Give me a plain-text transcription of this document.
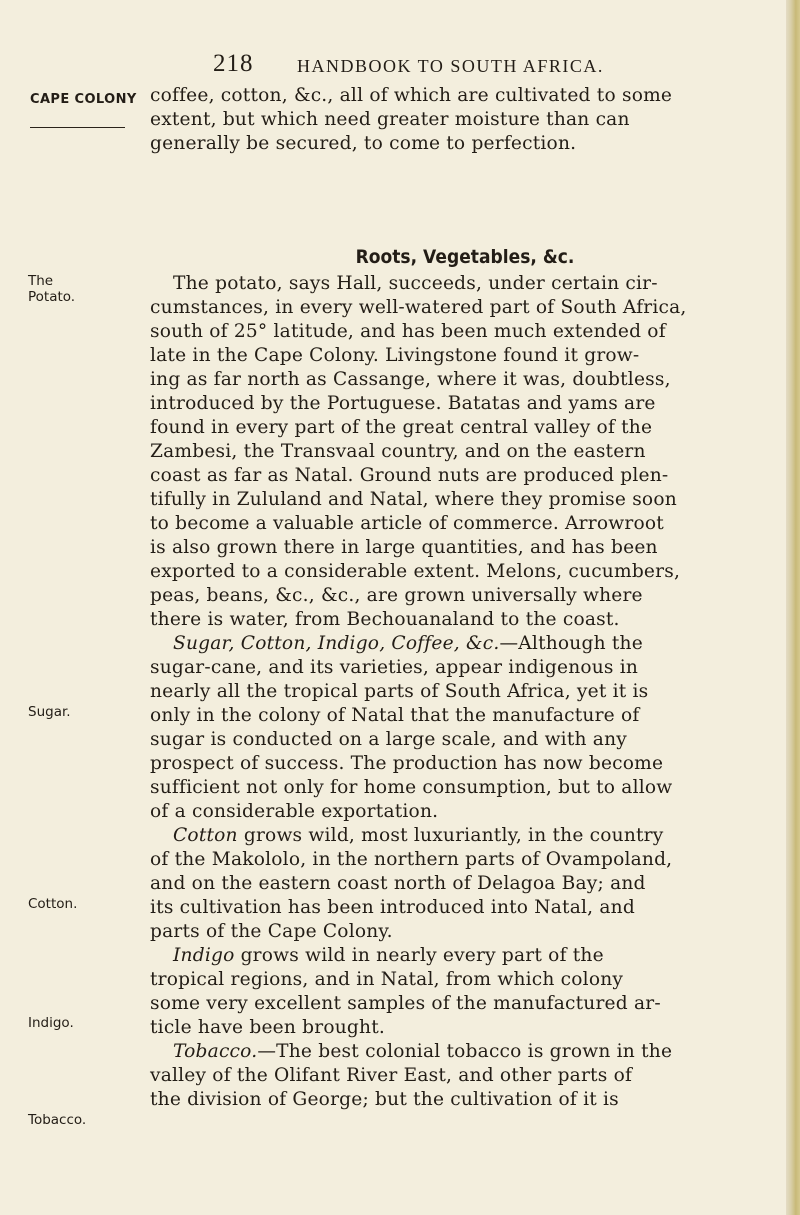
218 HANDBOOK TO SOUTH AFRICA.
CAPE COLONY
The
Potato.
Sugar.
Cotton.
Indigo.
Tobacco.
Roots, Vegetables, &c.
coffee, cotton, &c., all of which are cultivated to some
extent, but which need greater moisture than can
generally be secured, to come to perfection.
The potato, says Hall, succeeds, under certain cir-
cumstances, in every well-watered part of South Africa,
south of 25° latitude, and has been much extended of
late in the Cape Colony. Livingstone found it grow-
ing as far north as Cassange, where it was, doubtless,
introduced by the Portuguese. Batatas and yams are
found in every part of the great central valley of the
Zambesi, the Transvaal country, and on the eastern
coast as far as Natal. Ground nuts are produced plen-
tifully in Zululand and Natal, where they promise soon
to become a valuable article of commerce. Arrowroot
is also grown there in large quantities, and has been
exported to a considerable extent. Melons, cucumbers,
peas, beans, &c., &c., are grown universally where
there is water, from Bechouanaland to the coast.
Sugar, Cotton, Indigo, Coffee, &c.—Although the
sugar-cane, and its varieties, appear indigenous in
nearly all the tropical parts of South Africa, yet it is
only in the colony of Natal that the manufacture of
sugar is conducted on a large scale, and with any
prospect of success. The production has now become
sufficient not only for home consumption, but to allow
of a considerable exportation.
Cotton grows wild, most luxuriantly, in the country
of the Makololo, in the northern parts of Ovampoland,
and on the eastern coast north of Delagoa Bay; and
its cultivation has been introduced into Natal, and
parts of the Cape Colony.
Indigo grows wild in nearly every part of the
tropical regions, and in Natal, from which colony
some very excellent samples of the manufactured ar-
ticle have been brought.
Tobacco.—The best colonial tobacco is grown in the
valley of the Olifant River East, and other parts of
the division of George; but the cultivation of it is
